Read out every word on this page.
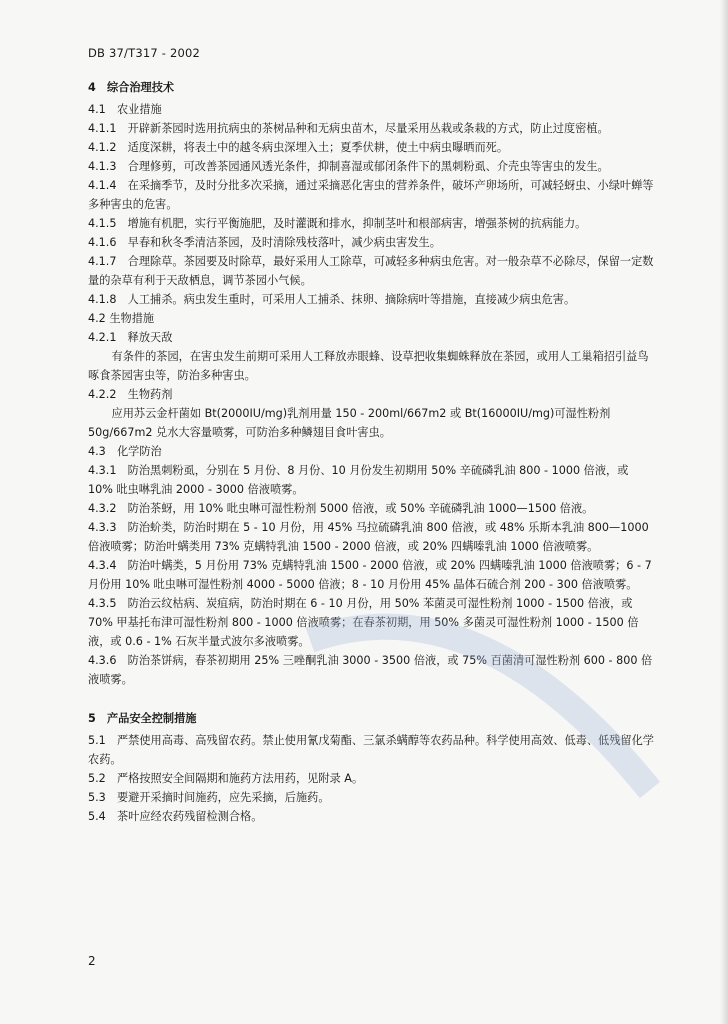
DB 37/T317 - 2002
4　综合治理技术
4.1　农业措施
4.1.1　开辟新茶园时选用抗病虫的茶树品种和无病虫苗木，尽量采用丛栽或条栽的方式，防止过度密植。
4.1.2　适度深耕，将表土中的越冬病虫深埋入土；夏季伏耕，使土中病虫曝晒而死。
4.1.3　合理修剪，可改善茶园通风透光条件，抑制喜湿或郁闭条件下的黑刺粉虱、介壳虫等害虫的发生。
4.1.4　在采摘季节，及时分批多次采摘，通过采摘恶化害虫的营养条件，破坏产卵场所，可减轻蚜虫、小绿叶蝉等多种害虫的危害。
4.1.5　增施有机肥，实行平衡施肥，及时灌溉和排水，抑制茎叶和根部病害，增强茶树的抗病能力。
4.1.6　早春和秋冬季清洁茶园，及时清除残枝落叶，减少病虫害发生。
4.1.7　合理除草。茶园要及时除草，最好采用人工除草，可减轻多种病虫危害。对一般杂草不必除尽，保留一定数量的杂草有利于天敌栖息，调节茶园小气候。
4.1.8　人工捕杀。病虫发生重时，可采用人工捕杀、抹卵、摘除病叶等措施，直接减少病虫危害。
4.2 生物措施
4.2.1　释放天敌
有条件的茶园，在害虫发生前期可采用人工释放赤眼蜂、设草把收集蜘蛛释放在茶园，或用人工巢箱招引益鸟啄食茶园害虫等，防治多种害虫。
4.2.2　生物药剂
应用苏云金杆菌如 Bt(2000IU/mg)乳剂用量 150 - 200ml/667m2 或 Bt(16000IU/mg)可湿性粉剂 50g/667m2 兑水大容量喷雾，可防治多种鳞翅目食叶害虫。
4.3　化学防治
4.3.1　防治黑刺粉虱，分别在 5 月份、8 月份、10 月份发生初期用 50% 辛硫磷乳油 800 - 1000 倍液，或 10% 吡虫啉乳油 2000 - 3000 倍液喷雾。
4.3.2　防治茶蚜，用 10% 吡虫啉可湿性粉剂 5000 倍液，或 50% 辛硫磷乳油 1000—1500 倍液。
4.3.3　防治蚧类，防治时期在 5 - 10 月份，用 45% 马拉硫磷乳油 800 倍液，或 48% 乐斯本乳油 800—1000 倍液喷雾；防治叶螨类用 73% 克螨特乳油 1500 - 2000 倍液，或 20% 四螨嗪乳油 1000 倍液喷雾。
4.3.4　防治叶螨类，5 月份用 73% 克螨特乳油 1500 - 2000 倍液，或 20% 四螨嗪乳油 1000 倍液喷雾；6 - 7 月份用 10% 吡虫啉可湿性粉剂 4000 - 5000 倍液；8 - 10 月份用 45% 晶体石硫合剂 200 - 300 倍液喷雾。
4.3.5　防治云纹枯病、炭疽病，防治时期在 6 - 10 月份，用 50% 苯菌灵可湿性粉剂 1000 - 1500 倍液，或 70% 甲基托布津可湿性粉剂 800 - 1000 倍液喷雾；在春茶初期，用 50% 多菌灵可湿性粉剂 1000 - 1500 倍液，或 0.6 - 1% 石灰半量式波尔多液喷雾。
4.3.6　防治茶饼病，春茶初期用 25% 三唑酮乳油 3000 - 3500 倍液，或 75% 百菌清可湿性粉剂 600 - 800 倍液喷雾。
5　产品安全控制措施
5.1　严禁使用高毒、高残留农药。禁止使用氰戊菊酯、三氯杀螨醇等农药品种。科学使用高效、低毒、低残留化学农药。
5.2　严格按照安全间隔期和施药方法用药，见附录 A。
5.3　要避开采摘时间施药，应先采摘，后施药。
5.4　茶叶应经农药残留检测合格。
2
